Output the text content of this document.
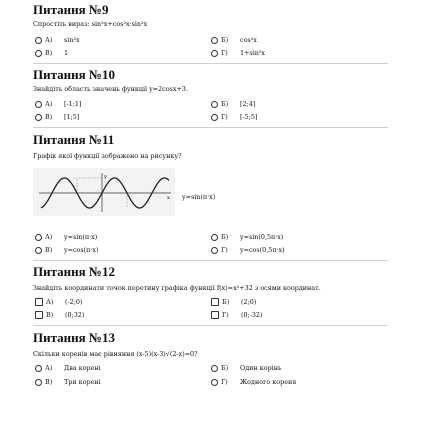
Питання №9
Спростіть вираз: sin³x+cos²x·sin²x
А)	sin²x	Б)	cos²x
В)	1	Г)	1+sin²x
Питання №10
Знайдіть область значень функції y=2cosx+3.
А)	[-1;1]	Б)	[2;4]
В)	[1;5]	Г)	[-5;5]
Питання №11
Графік якої функції зображено на рисунку?
y
x y=sin(π·x)
А)	y=sin(π·x)	Б)	y=sin(0,5π·x)
В)	y=cos(π·x)	Г)	y=cos(0,5π·x)
Питання №12
Знайдіть координати точок перетину графіка функції f(x)=x²+32 з осями координат.
А)	(-2;0)	Б)	(2;0)
В)	(0;32)	Г)	(0;-32)
Питання №13
Скільки коренів має рівняння (x-5)(x-3)√(2-x)=0?
А)	Два корені	Б)	Один корінь
В)	Три корені	Г)	Жодного кореня
